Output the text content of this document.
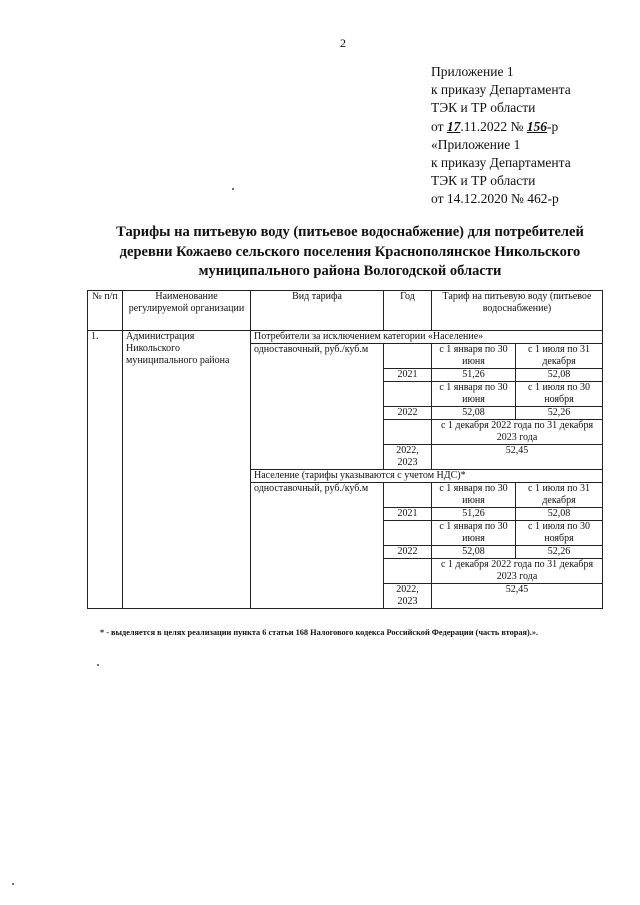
2
Приложение 1
к приказу Департамента
ТЭК и ТР области
от 17.11.2022 № 156-р
«Приложение 1
к приказу Департамента
ТЭК и ТР области
от 14.12.2020 № 462-р
Тарифы на питьевую воду (питьевое водоснабжение) для потребителей
деревни Кожаево сельского поселения Краснополянское Никольского
муниципального района Вологодской области
№ п/п	Наименование регулируемой организации	Вид тарифа	Год	Тариф на питьевую воду (питьевое водоснабжение)	
1.	Администрация Никольского муниципального района	Потребители за исключением категории «Население»			
		одноставочный, руб./куб.м		с 1 января по 30 июня	с 1 июля по 31 декабря
			2021	51,26	52,08
				с 1 января по 30 июня	с 1 июля по 30 ноября
			2022	52,08	52,26
				с 1 декабря 2022 года по 31 декабря 2023 года	
			2022, 2023	52,45	
		Население (тарифы указываются с учетом НДС)*			
		одноставочный, руб./куб.м		с 1 января по 30 июня	с 1 июля по 31 декабря
			2021	51,26	52,08
				с 1 января по 30 июня	с 1 июля по 30 ноября
			2022	52,08	52,26
				с 1 декабря 2022 года по 31 декабря 2023 года	
			2022, 2023	52,45	
* - выделяется в целях реализации пункта 6 статьи 168 Налогового кодекса Российской Федерации (часть вторая).».
